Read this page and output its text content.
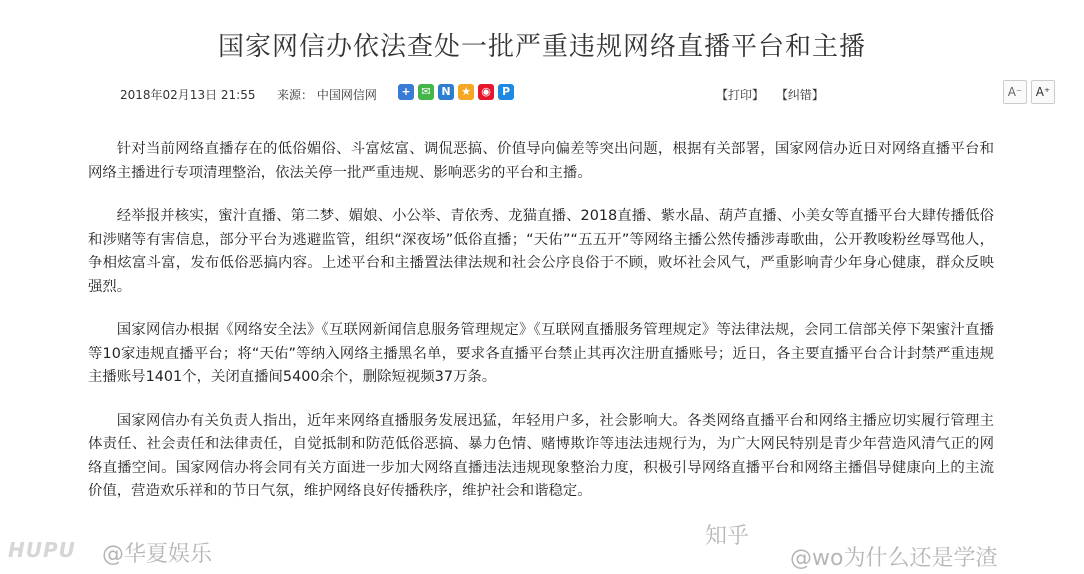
国家网信办依法查处一批严重违规网络直播平台和主播
2018年02月13日 21:55	来源： 中国网信网	+ ✉ N ★ ◉	P	【打印】 【纠错】	A⁻	A⁺

针对当前网络直播存在的低俗媚俗、斗富炫富、调侃恶搞、价值导向偏差等突出问题，根据有关部署，国家网信办近日对网络直播平台和网络主播进行专项清理整治，依法关停一批严重违规、影响恶劣的平台和主播。

经举报并核实，蜜汁直播、第二梦、媚娘、小公举、青依秀、龙猫直播、2018直播、紫水晶、葫芦直播、小美女等直播平台大肆传播低俗和涉赌等有害信息，部分平台为逃避监管，组织“深夜场”低俗直播；“天佑”“五五开”等网络主播公然传播涉毒歌曲，公开教唆粉丝辱骂他人，争相炫富斗富，发布低俗恶搞内容。上述平台和主播置法律法规和社会公序良俗于不顾，败坏社会风气，严重影响青少年身心健康，群众反映强烈。

国家网信办根据《网络安全法》《互联网新闻信息服务管理规定》《互联网直播服务管理规定》等法律法规，会同工信部关停下架蜜汁直播等10家违规直播平台；将“天佑”等纳入网络主播黑名单，要求各直播平台禁止其再次注册直播账号；近日，各主要直播平台合计封禁严重违规主播账号1401个，关闭直播间5400余个，删除短视频37万条。

国家网信办有关负责人指出，近年来网络直播服务发展迅猛，年轻用户多，社会影响大。各类网络直播平台和网络主播应切实履行管理主体责任、社会责任和法律责任，自觉抵制和防范低俗恶搞、暴力色情、赌博欺诈等违法违规行为，为广大网民特别是青少年营造风清气正的网络直播空间。国家网信办将会同有关方面进一步加大网络直播违法违规现象整治力度，积极引导网络直播平台和网络主播倡导健康向上的主流价值，营造欢乐祥和的节日气氛，维护网络良好传播秩序，维护社会和谐稳定。

HUPU @华夏娱乐
知乎
@wo为什么还是学渣
